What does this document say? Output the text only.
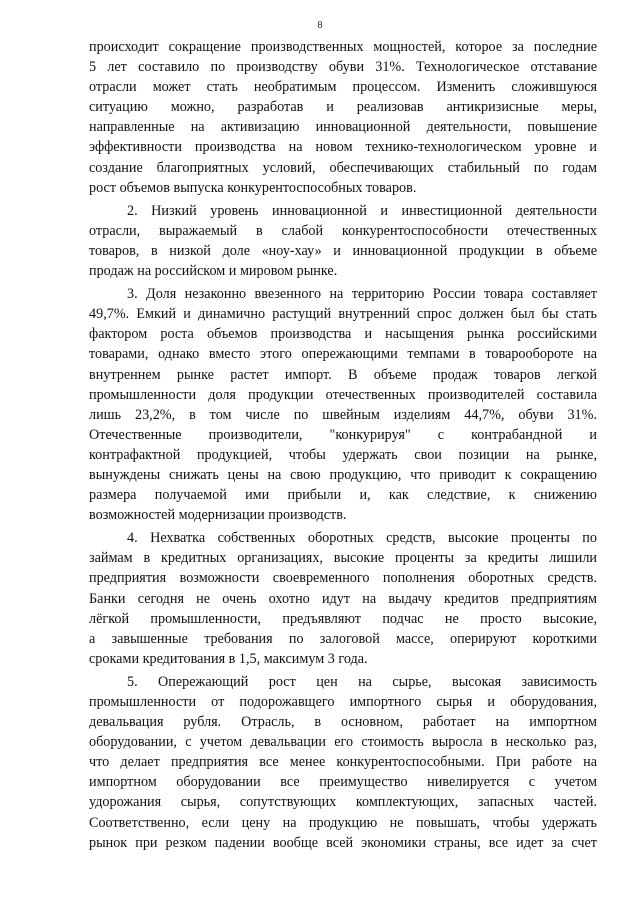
8
происходит сокращение производственных мощностей, которое за последние
5 лет составило по производству обуви 31%. Технологическое отставание
отрасли может стать необратимым процессом. Изменить сложившуюся
ситуацию можно, разработав и реализовав антикризисные меры,
направленные на активизацию инновационной деятельности, повышение
эффективности производства на новом технико-технологическом уровне и
создание благоприятных условий, обеспечивающих стабильный по годам
рост объемов выпуска конкурентоспособных товаров.
2. Низкий уровень инновационной и инвестиционной деятельности
отрасли, выражаемый в слабой конкурентоспособности отечественных
товаров, в низкой доле «ноу-хау» и инновационной продукции в объеме
продаж на российском и мировом рынке.
3. Доля незаконно ввезенного на территорию России товара составляет
49,7%. Емкий и динамично растущий внутренний спрос должен был бы стать
фактором роста объемов производства и насыщения рынка российскими
товарами, однако вместо этого опережающими темпами в товарообороте на
внутреннем рынке растет импорт. В объеме продаж товаров легкой
промышленности доля продукции отечественных производителей составила
лишь 23,2%, в том числе по швейным изделиям 44,7%, обуви 31%.
Отечественные производители, "конкурируя" с контрабандной и
контрафактной продукцией, чтобы удержать свои позиции на рынке,
вынуждены снижать цены на свою продукцию, что приводит к сокращению
размера получаемой ими прибыли и, как следствие, к снижению
возможностей модернизации производств.
4. Нехватка собственных оборотных средств, высокие проценты по
займам в кредитных организациях, высокие проценты за кредиты лишили
предприятия возможности своевременного пополнения оборотных средств.
Банки сегодня не очень охотно идут на выдачу кредитов предприятиям
лёгкой промышленности, предъявляют подчас не просто высокие,
а завышенные требования по залоговой массе, оперируют короткими
сроками кредитования в 1,5, максимум 3 года.
5. Опережающий рост цен на сырье, высокая зависимость
промышленности от подорожавщего импортного сырья и оборудования,
девальвация рубля. Отрасль, в основном, работает на импортном
оборудовании, с учетом девальвации его стоимость выросла в несколько раз,
что делает предприятия все менее конкурентоспособными. При работе на
импортном оборудовании все преимущество нивелируется с учетом
удорожания сырья, сопутствующих комплектующих, запасных частей.
Соответственно, если цену на продукцию не повышать, чтобы удержать
рынок при резком падении вообще всей экономики страны, все идет за счет
